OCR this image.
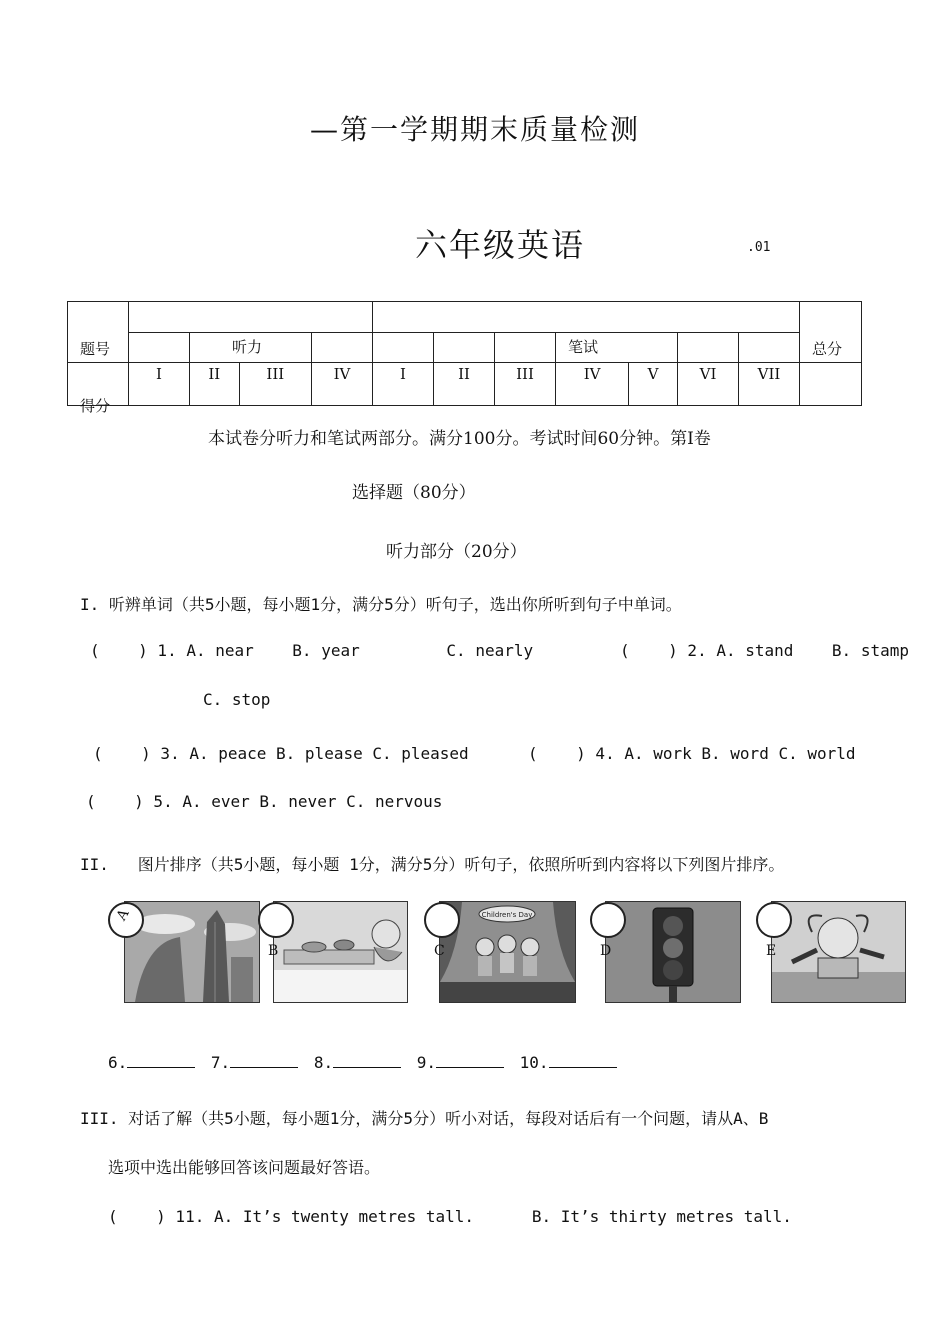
—第一学期期末质量检测
六年级英语	.01
题号												总分

		听力						笔试				

得分	I	II	III	IV	I	II	III	IV	V	VI	VII	
本试卷分听力和笔试两部分。满分100分。考试时间60分钟。第Ⅰ卷
选择题（80分）
听力部分（20分）
I. 听辨单词（共5小题，每小题1分，满分5分）听句子，选出你所听到句子中单词。
(    ) 1. A. near    B. year         C. nearly	(    ) 2. A. stand    B. stamp
C. stop
(    ) 3. A. peace B. please C. pleased	(    ) 4. A. work B. word C. world
(    ) 5. A. ever B. never C. nervous
II.   图片排序（共5小题，每小题 1分，满分5分）听句子，依照所听到内容将以下列图片排序。
A
B
Children's Day
C	D	E
6.	7.	8.	9.	10.
III. 对话了解（共5小题，每小题1分，满分5分）听小对话，每段对话后有一个问题，请从A、B
选项中选出能够回答该问题最好答语。
(    ) 11. A. It’s twenty metres tall.      B. It’s thirty metres tall.
